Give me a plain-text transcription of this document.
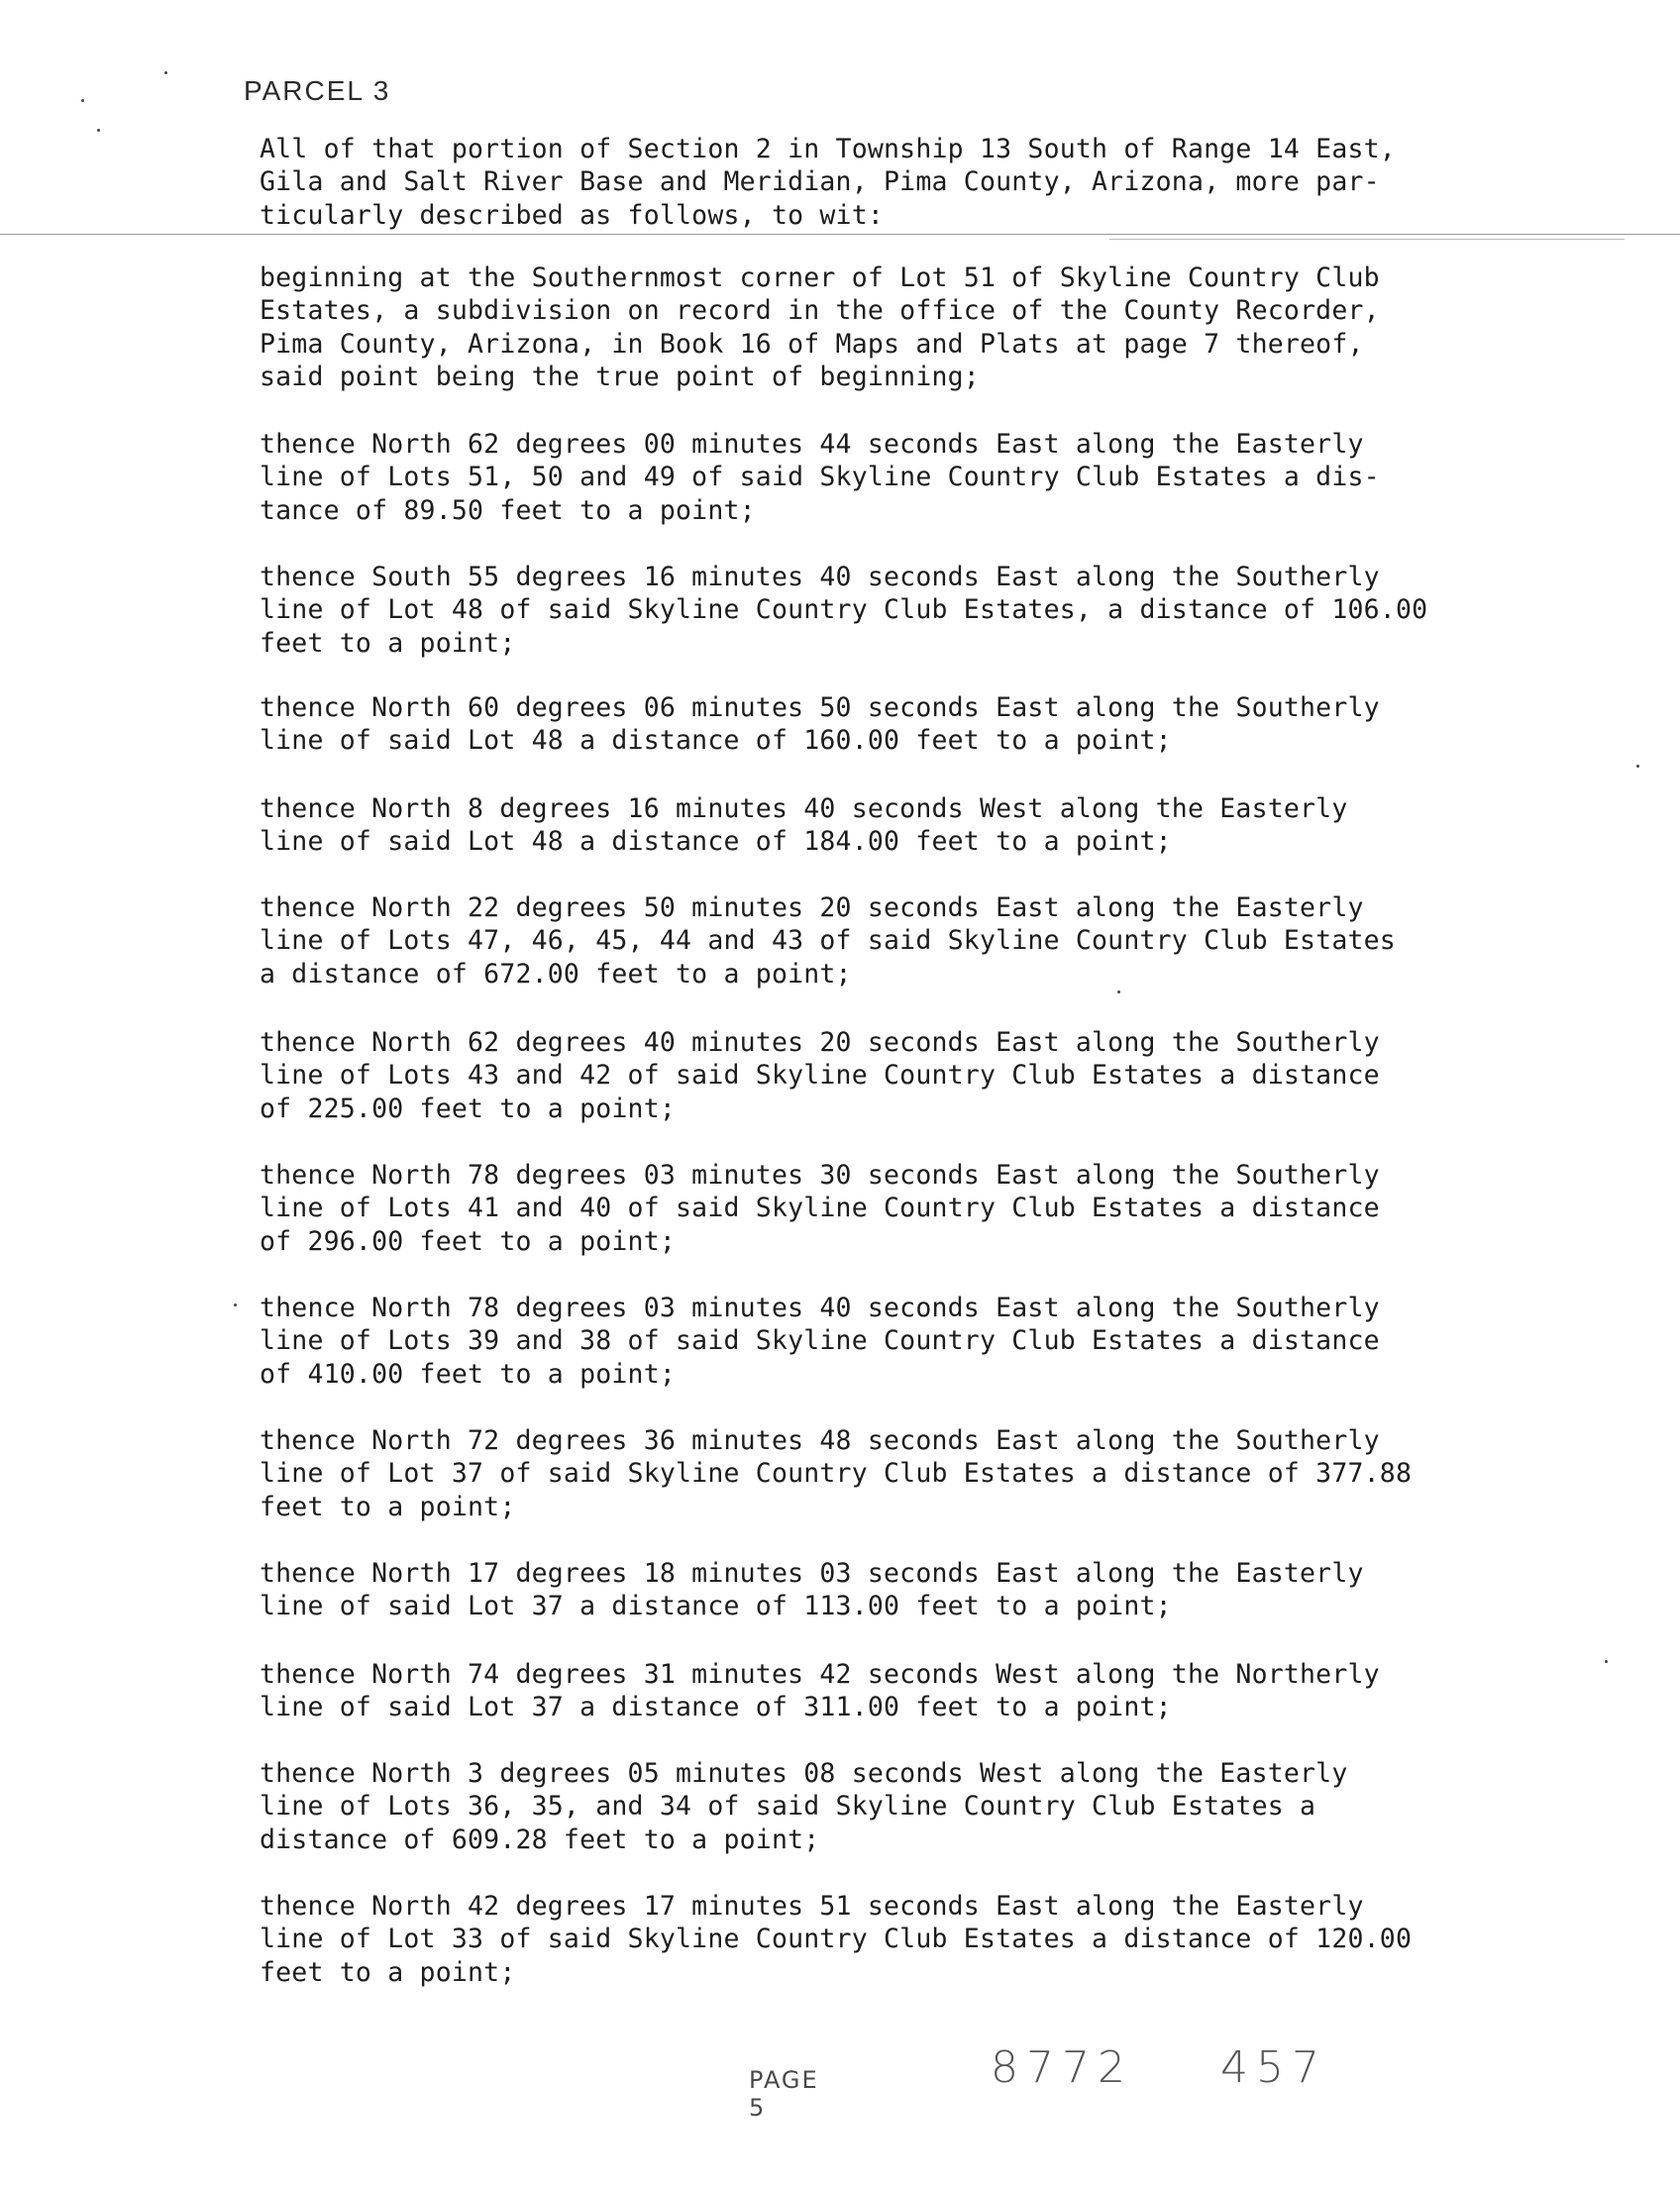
PARCEL 3

All of that portion of Section 2 in Township 13 South of Range 14 East,
Gila and Salt River Base and Meridian, Pima County, Arizona, more par-
ticularly described as follows, to wit:

beginning at the Southernmost corner of Lot 51 of Skyline Country Club
Estates, a subdivision on record in the office of the County Recorder,
Pima County, Arizona, in Book 16 of Maps and Plats at page 7 thereof,
said point being the true point of beginning;

thence North 62 degrees 00 minutes 44 seconds East along the Easterly
line of Lots 51, 50 and 49 of said Skyline Country Club Estates a dis-
tance of 89.50 feet to a point;

thence South 55 degrees 16 minutes 40 seconds East along the Southerly
line of Lot 48 of said Skyline Country Club Estates, a distance of 106.00
feet to a point;

thence North 60 degrees 06 minutes 50 seconds East along the Southerly
line of said Lot 48 a distance of 160.00 feet to a point;

thence North 8 degrees 16 minutes 40 seconds West along the Easterly
line of said Lot 48 a distance of 184.00 feet to a point;

thence North 22 degrees 50 minutes 20 seconds East along the Easterly
line of Lots 47, 46, 45, 44 and 43 of said Skyline Country Club Estates
a distance of 672.00 feet to a point;

thence North 62 degrees 40 minutes 20 seconds East along the Southerly
line of Lots 43 and 42 of said Skyline Country Club Estates a distance
of 225.00 feet to a point;

thence North 78 degrees 03 minutes 30 seconds East along the Southerly
line of Lots 41 and 40 of said Skyline Country Club Estates a distance
of 296.00 feet to a point;

thence North 78 degrees 03 minutes 40 seconds East along the Southerly
line of Lots 39 and 38 of said Skyline Country Club Estates a distance
of 410.00 feet to a point;

thence North 72 degrees 36 minutes 48 seconds East along the Southerly
line of Lot 37 of said Skyline Country Club Estates a distance of 377.88
feet to a point;

thence North 17 degrees 18 minutes 03 seconds East along the Easterly
line of said Lot 37 a distance of 113.00 feet to a point;

thence North 74 degrees 31 minutes 42 seconds West along the Northerly
line of said Lot 37 a distance of 311.00 feet to a point;

thence North 3 degrees 05 minutes 08 seconds West along the Easterly
line of Lots 36, 35, and 34 of said Skyline Country Club Estates a
distance of 609.28 feet to a point;

thence North 42 degrees 17 minutes 51 seconds East along the Easterly
line of Lot 33 of said Skyline Country Club Estates a distance of 120.00
feet to a point;

PAGE 5
8772 457
